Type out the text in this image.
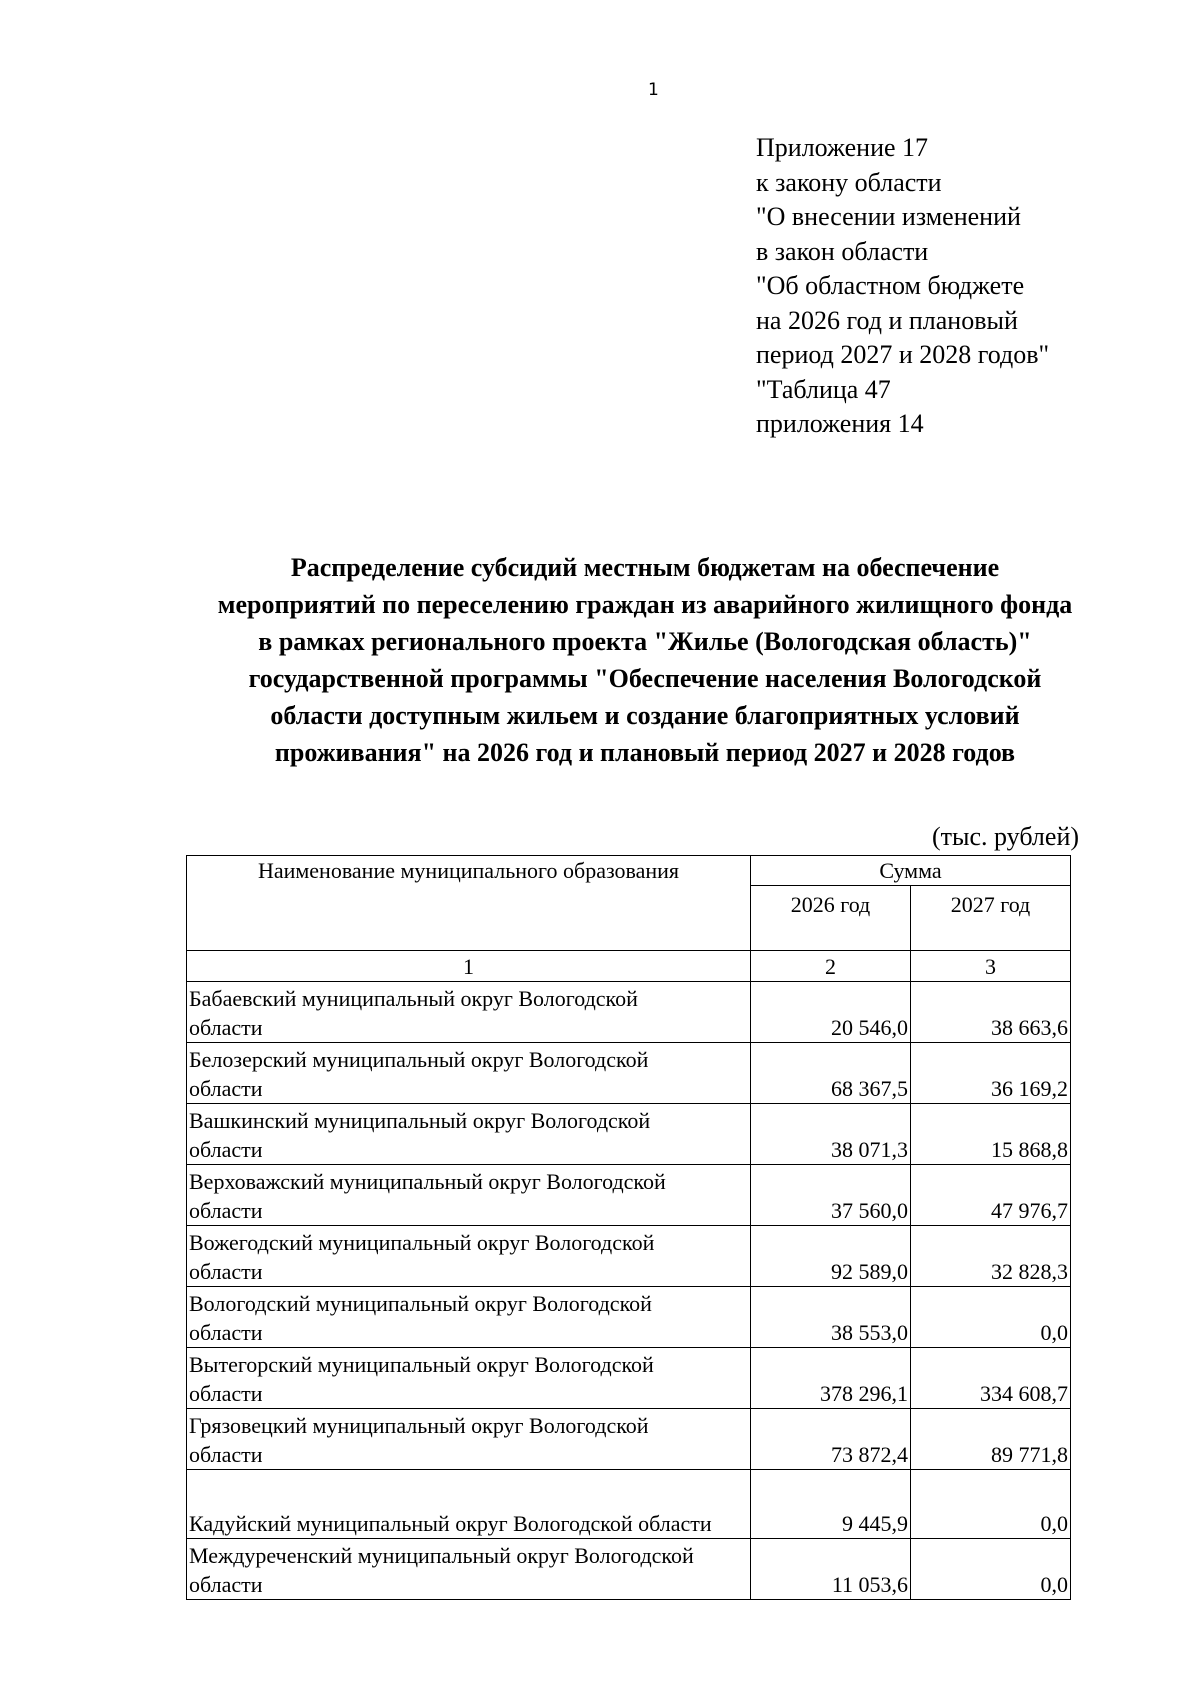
1
Приложение 17
к закону области
"О внесении изменений
в закон области
"Об областном бюджете
на 2026 год и плановый
период 2027 и 2028 годов"
"Таблица 47
приложения 14
Распределение субсидий местным бюджетам на обеспечение
мероприятий по переселению граждан из аварийного жилищного фонда
в рамках регионального проекта "Жилье (Вологодская область)"
государственной программы "Обеспечение населения Вологодской
области доступным жильем и создание благоприятных условий
проживания" на 2026 год и плановый период 2027 и 2028 годов
(тыс. рублей)
Наименование муниципального образования	Сумма	
	2026 год	2027 год
1	2	3

Бабаевский муниципальный округ Вологодской
области	20 546,0	38 663,6

Белозерский муниципальный округ Вологодской
области	68 367,5	36 169,2

Вашкинский муниципальный округ Вологодской
области	38 071,3	15 868,8

Верховажский муниципальный округ Вологодской
области	37 560,0	47 976,7

Вожегодский муниципальный округ Вологодской
области	92 589,0	32 828,3

Вологодский муниципальный округ Вологодской
области	38 553,0	0,0

Вытегорский муниципальный округ Вологодской
области	378 296,1	334 608,7

Грязовецкий муниципальный округ Вологодской
области	73 872,4	89 771,8

Кадуйский муниципальный округ Вологодской области	9 445,9	0,0

Междуреченский муниципальный округ Вологодской
области	11 053,6	0,0
